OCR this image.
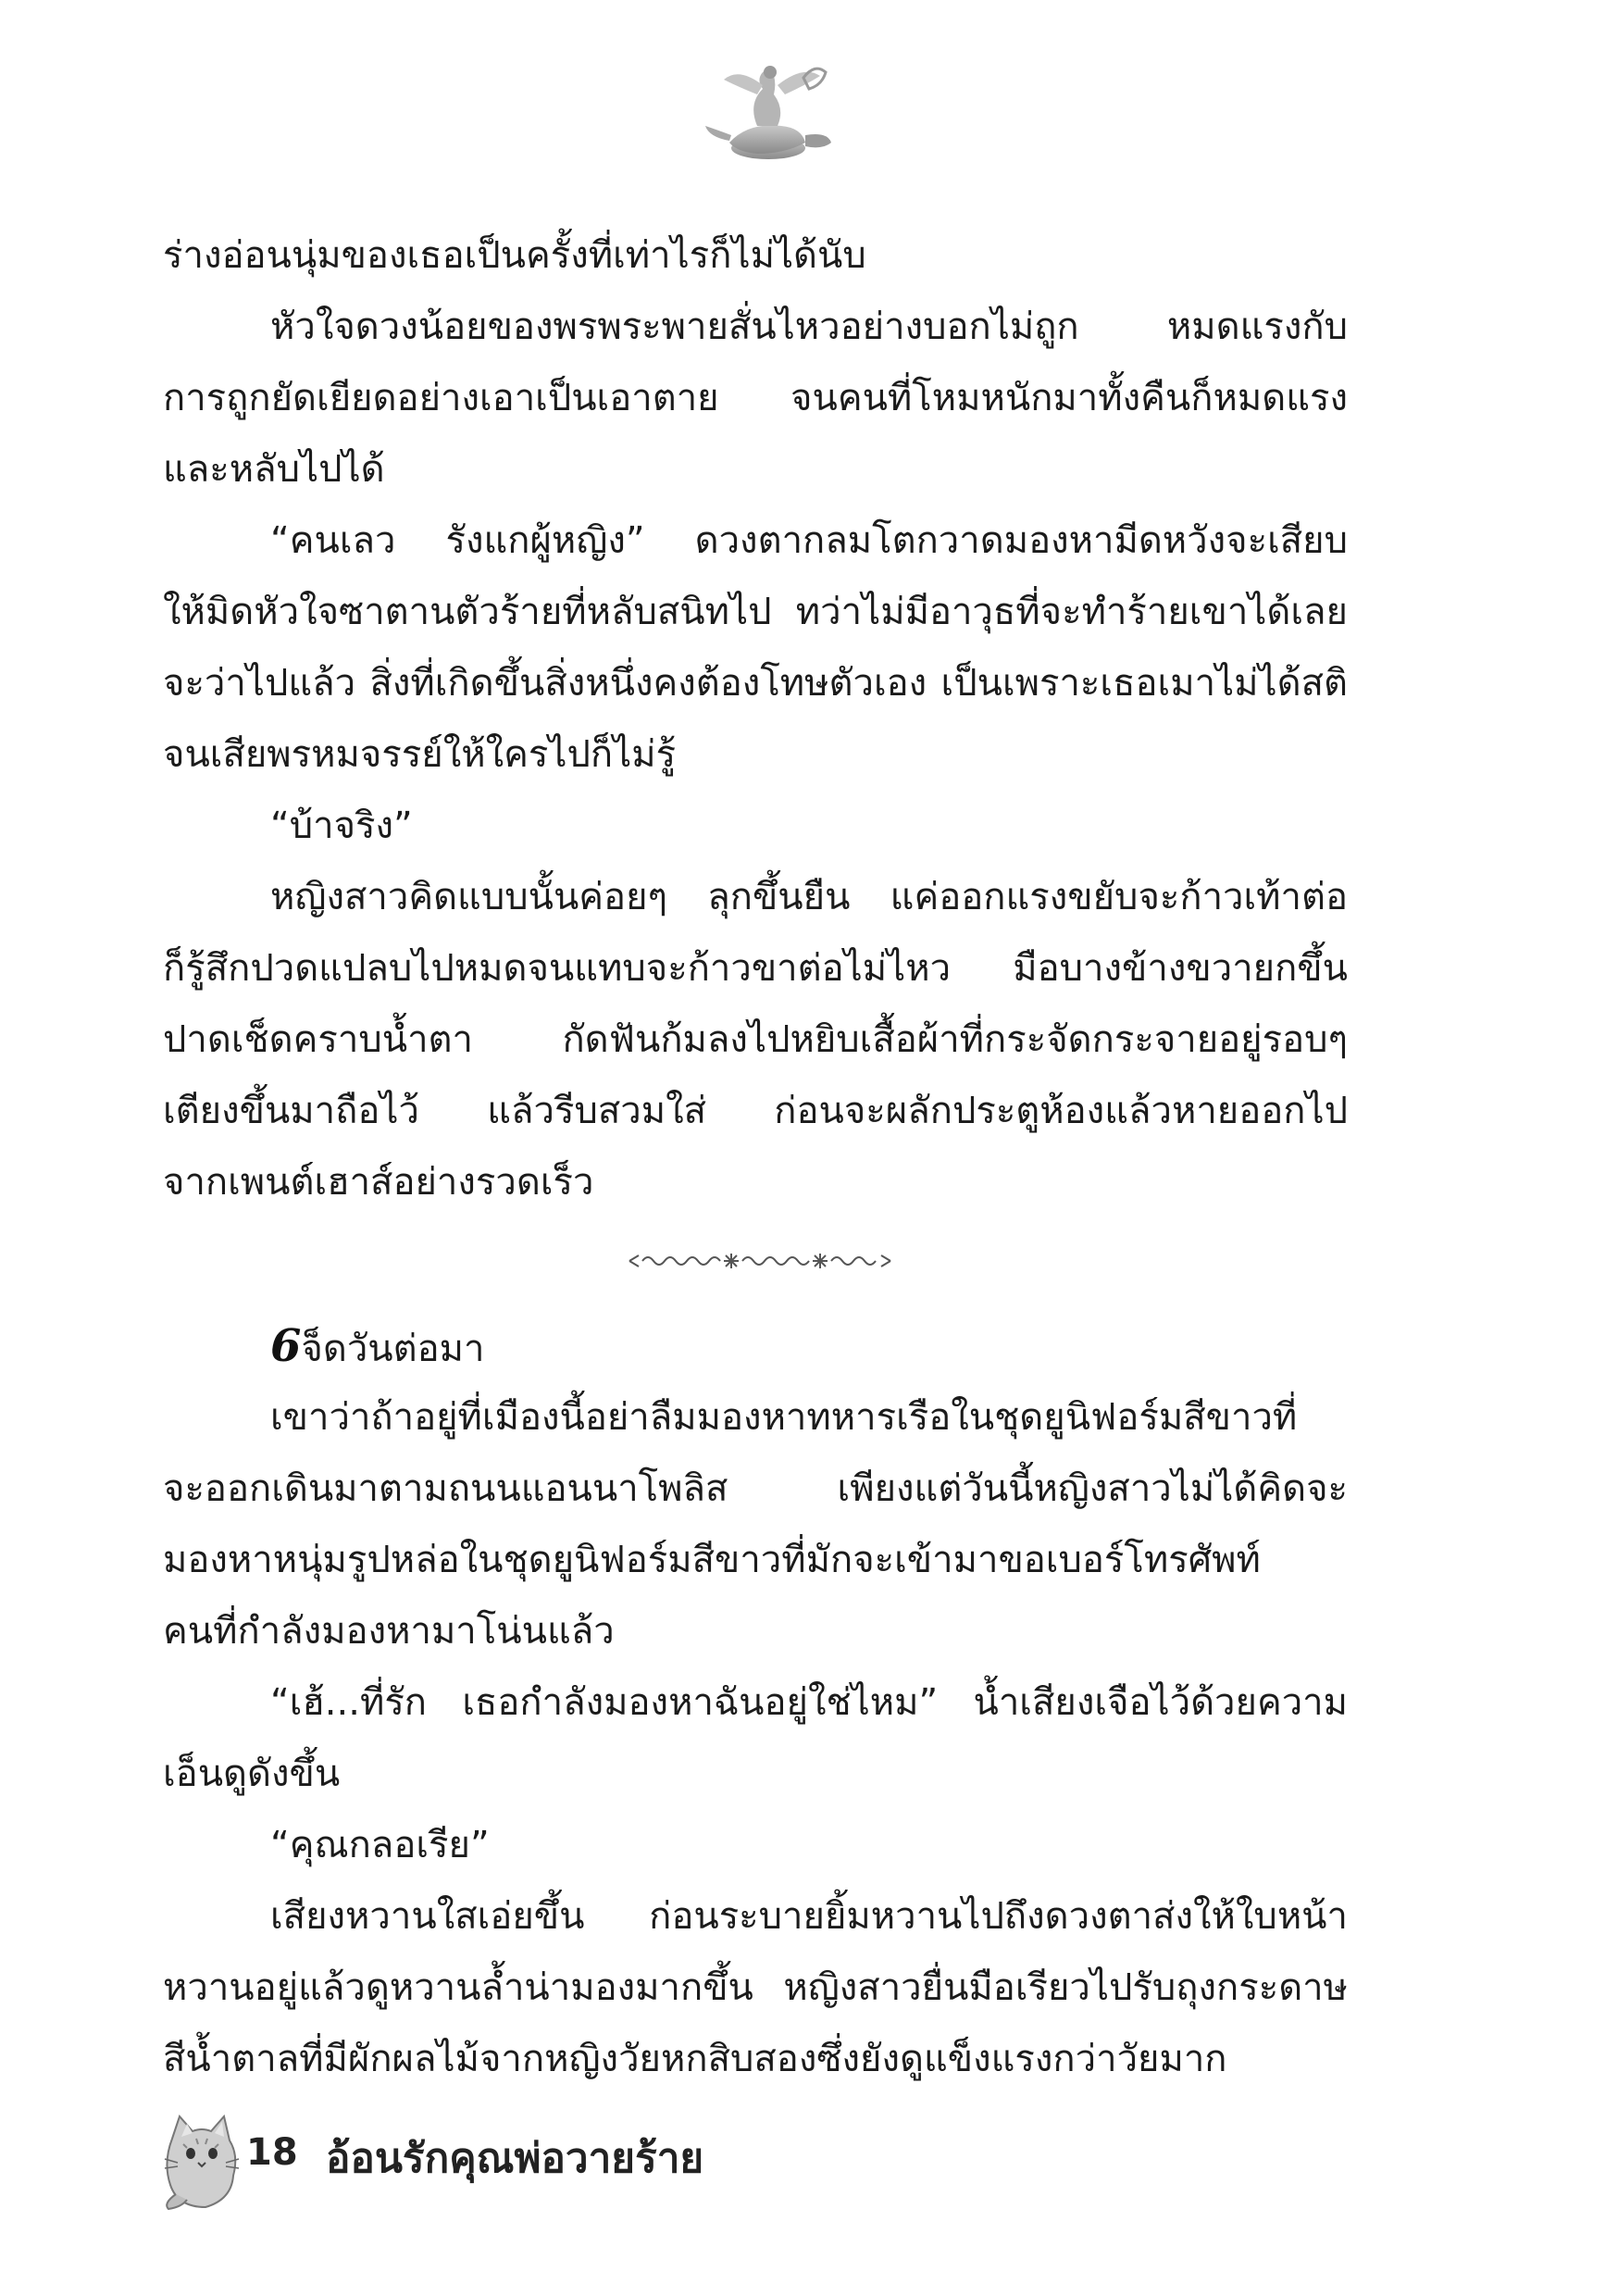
ร่างอ่อนนุ่มของเธอเป็นครั้งที่เท่าไรก็ไม่ได้นับ
หัวใจดวงน้อยของพรพระพายสั่นไหวอย่างบอกไม่ถูก หมดแรงกับ
การถูกยัดเยียดอย่างเอาเป็นเอาตาย จนคนที่โหมหนักมาทั้งคืนก็หมดแรง
และหลับไปได้
“คนเลว รังแกผู้หญิง” ดวงตากลมโตกวาดมองหามีดหวังจะเสียบ
ให้มิดหัวใจซาตานตัวร้ายที่หลับสนิทไป ทว่าไม่มีอาวุธที่จะทำร้ายเขาได้เลย
จะว่าไปแล้ว สิ่งที่เกิดขึ้นสิ่งหนึ่งคงต้องโทษตัวเอง เป็นเพราะเธอเมาไม่ได้สติ
จนเสียพรหมจรรย์ให้ใครไปก็ไม่รู้
“บ้าจริง”
หญิงสาวคิดแบบนั้นค่อยๆ ลุกขึ้นยืน แค่ออกแรงขยับจะก้าวเท้าต่อ
ก็รู้สึกปวดแปลบไปหมดจนแทบจะก้าวขาต่อไม่ไหว มือบางข้างขวายกขึ้น
ปาดเช็ดคราบน้ำตา กัดฟันก้มลงไปหยิบเสื้อผ้าที่กระจัดกระจายอยู่รอบๆ
เตียงขึ้นมาถือไว้ แล้วรีบสวมใส่ ก่อนจะผลักประตูห้องแล้วหายออกไป
จากเพนต์เฮาส์อย่างรวดเร็ว
6จ็ดวันต่อมา
เขาว่าถ้าอยู่ที่เมืองนี้อย่าลืมมองหาทหารเรือในชุดยูนิฟอร์มสีขาวที่
จะออกเดินมาตามถนนแอนนาโพลิส เพียงแต่วันนี้หญิงสาวไม่ได้คิดจะ
มองหาหนุ่มรูปหล่อในชุดยูนิฟอร์มสีขาวที่มักจะเข้ามาขอเบอร์โทรศัพท์
คนที่กำลังมองหามาโน่นแล้ว
“เฮ้...ที่รัก เธอกำลังมองหาฉันอยู่ใช่ไหม” น้ำเสียงเจือไว้ด้วยความ
เอ็นดูดังขึ้น
“คุณกลอเรีย”
เสียงหวานใสเอ่ยขึ้น ก่อนระบายยิ้มหวานไปถึงดวงตาส่งให้ใบหน้า
หวานอยู่แล้วดูหวานล้ำน่ามองมากขึ้น หญิงสาวยื่นมือเรียวไปรับถุงกระดาษ
สีน้ำตาลที่มีผักผลไม้จากหญิงวัยหกสิบสองซึ่งยังดูแข็งแรงกว่าวัยมาก
18 อ้อนรักคุณพ่อวายร้าย
